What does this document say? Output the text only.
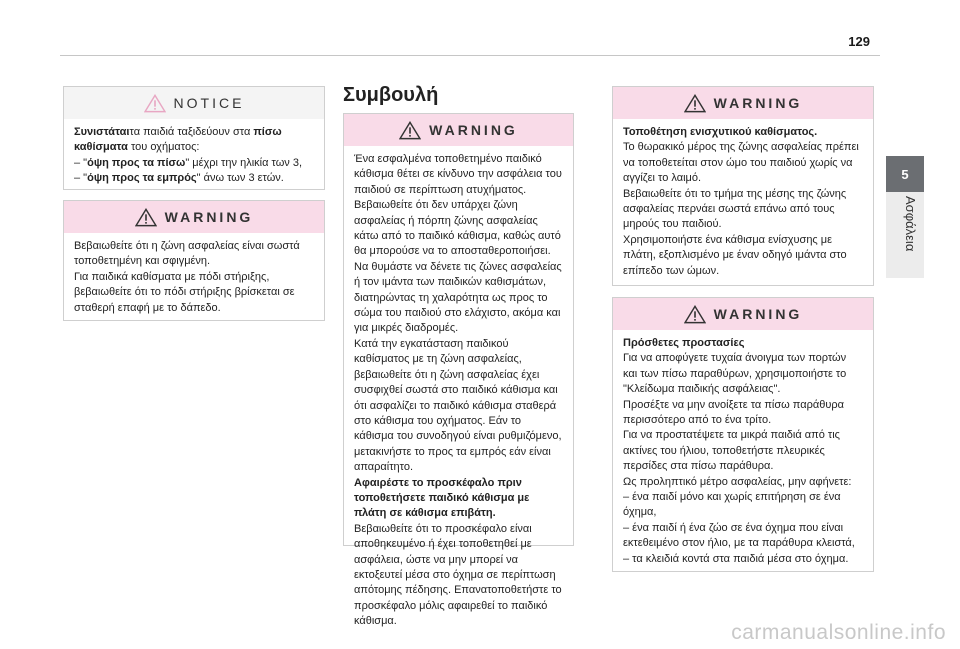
129
5
Ασφάλεια
NOTICE

Συνιστάταιτα παιδιά ταξιδεύουν στα πίσω καθίσματα του οχήματος:

– "όψη προς τα πίσω" μέχρι την ηλικία των 3,

– "όψη προς τα εμπρός" άνω των 3 ετών.

WARNING

Βεβαιωθείτε ότι η ζώνη ασφαλείας είναι σωστά τοποθετημένη και σφιγμένη.

Για παιδικά καθίσματα με πόδι στήριξης, βεβαιωθείτε ότι το πόδι στήριξης βρίσκεται σε σταθερή επαφή με το δάπεδο.

Συμβουλή
WARNING

Ένα εσφαλμένα τοποθετημένο παιδικό κάθισμα θέτει σε κίνδυνο την ασφάλεια του παιδιού σε περίπτωση ατυχήματος.

Βεβαιωθείτε ότι δεν υπάρχει ζώνη ασφαλείας ή πόρπη ζώνης ασφαλείας κάτω από το παιδικό κάθισμα, καθώς αυτό θα μπορούσε να το αποσταθεροποιήσει.

Να θυμάστε να δένετε τις ζώνες ασφαλείας ή τον ιμάντα των παιδικών καθισμάτων, διατηρώντας τη χαλαρότητα ως προς το σώμα του παιδιού στο ελάχιστο, ακόμα και για μικρές διαδρομές.

Κατά την εγκατάσταση παιδικού καθίσματος με τη ζώνη ασφαλείας, βεβαιωθείτε ότι η ζώνη ασφαλείας έχει συσφιχθεί σωστά στο παιδικό κάθισμα και ότι ασφαλίζει το παιδικό κάθισμα σταθερά στο κάθισμα του οχήματος. Εάν το κάθισμα του συνοδηγού είναι ρυθμιζόμενο, μετακινήστε το προς τα εμπρός εάν είναι απαραίτητο.

Αφαιρέστε το προσκέφαλο πριν τοποθετήσετε παιδικό κάθισμα με πλάτη σε κάθισμα επιβάτη.

Βεβαιωθείτε ότι το προσκέφαλο είναι αποθηκευμένο ή έχει τοποθετηθεί με ασφάλεια, ώστε να μην μπορεί να εκτοξευτεί μέσα στο όχημα σε περίπτωση απότομης πέδησης. Επανατοποθετήστε το προσκέφαλο μόλις αφαιρεθεί το παιδικό κάθισμα.

WARNING

Τοποθέτηση ενισχυτικού καθίσματος.

Το θωρακικό μέρος της ζώνης ασφαλείας πρέπει να τοποθετείται στον ώμο του παιδιού χωρίς να αγγίζει το λαιμό.

Βεβαιωθείτε ότι το τμήμα της μέσης της ζώνης ασφαλείας περνάει σωστά επάνω από τους μηρούς του παιδιού.

Χρησιμοποιήστε ένα κάθισμα ενίσχυσης με πλάτη, εξοπλισμένο με έναν οδηγό ιμάντα στο επίπεδο των ώμων.

WARNING

Πρόσθετες προστασίες

Για να αποφύγετε τυχαία άνοιγμα των πορτών και των πίσω παραθύρων, χρησιμοποιήστε το "Κλείδωμα παιδικής ασφάλειας".

Προσέξτε να μην ανοίξετε τα πίσω παράθυρα περισσότερο από το ένα τρίτο.

Για να προστατέψετε τα μικρά παιδιά από τις ακτίνες του ήλιου, τοποθετήστε πλευρικές περσίδες στα πίσω παράθυρα.

Ως προληπτικό μέτρο ασφαλείας, μην αφήνετε:

– ένα παιδί μόνο και χωρίς επιτήρηση σε ένα όχημα,

– ένα παιδί ή ένα ζώο σε ένα όχημα που είναι εκτεθειμένο στον ήλιο, με τα παράθυρα κλειστά,

– τα κλειδιά κοντά στα παιδιά μέσα στο όχημα.

carmanualsonline.info
